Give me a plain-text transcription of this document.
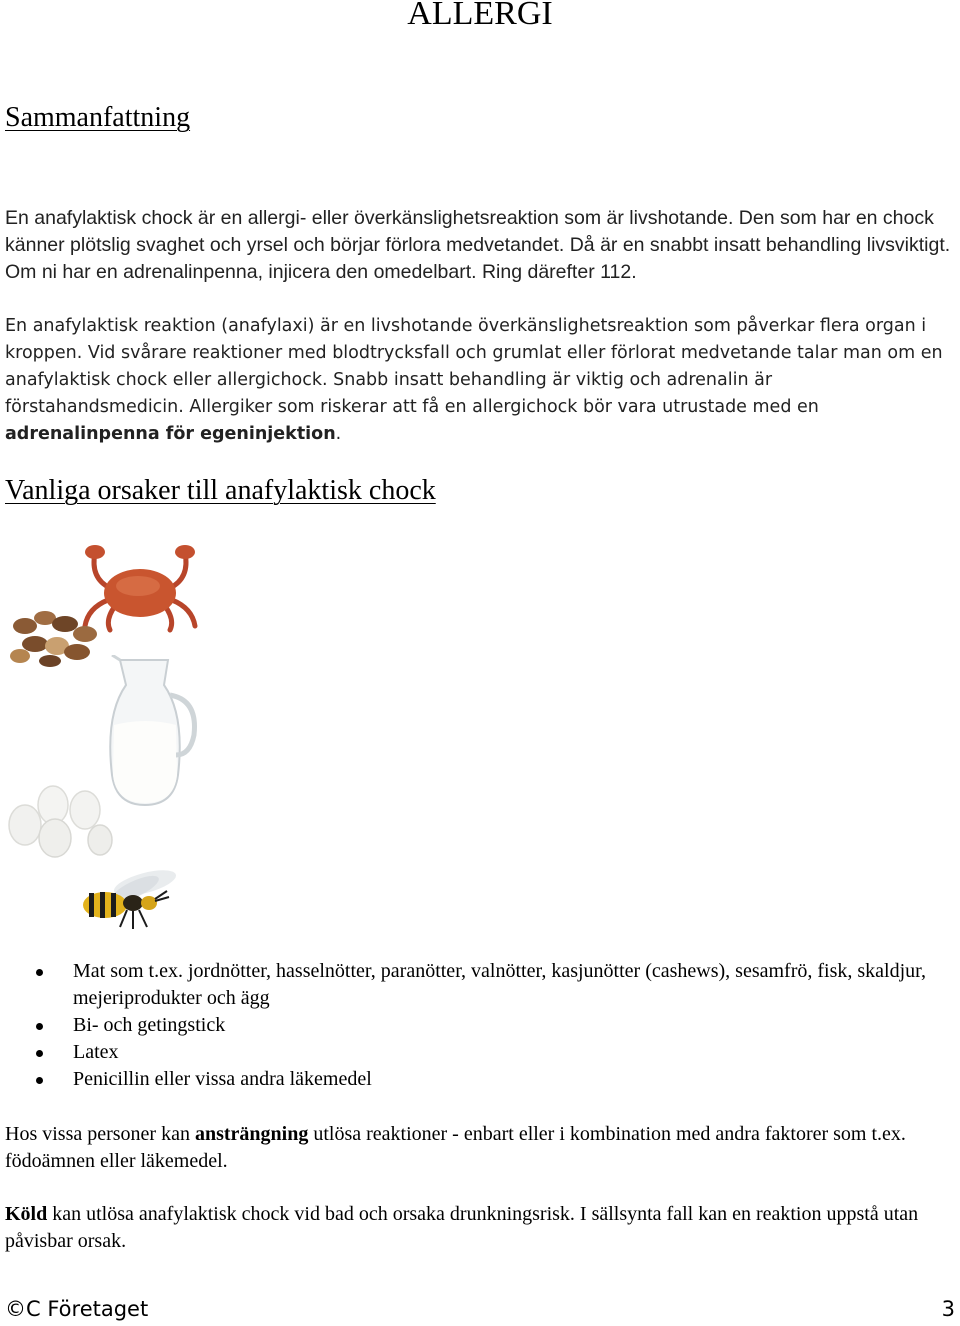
ALLERGI
Sammanfattning
En anafylaktisk chock är en allergi- eller överkänslighetsreaktion som är livshotande. Den som har en chock känner plötslig svaghet och yrsel och börjar förlora medvetandet. Då är en snabbt insatt behandling livsviktigt. Om ni har en adrenalinpenna, injicera den omedelbart. Ring därefter 112.
En anafylaktisk reaktion (anafylaxi) är en livshotande överkänslighetsreaktion som påverkar flera organ i kroppen. Vid svårare reaktioner med blodtrycksfall och grumlat eller förlorat medvetande talar man om en anafylaktisk chock eller allergichock. Snabb insatt behandling är viktig och adrenalin är förstahandsmedicin. Allergiker som riskerar att få en allergichock bör vara utrustade med en adrenalinpenna för egeninjektion.
Vanliga orsaker till anafylaktisk chock
Mat som t.ex. jordnötter, hasselnötter, paranötter, valnötter, kasjunötter (cashews), sesamfrö, fisk, skaldjur, mejeriprodukter och ägg
Bi- och getingstick
Latex
Penicillin eller vissa andra läkemedel
Hos vissa personer kan ansträngning utlösa reaktioner - enbart eller i kombination med andra faktorer som t.ex. födoämnen eller läkemedel.
Köld kan utlösa anafylaktisk chock vid bad och orsaka drunkningsrisk. I sällsynta fall kan en reaktion uppstå utan påvisbar orsak.
©C Företaget	3
